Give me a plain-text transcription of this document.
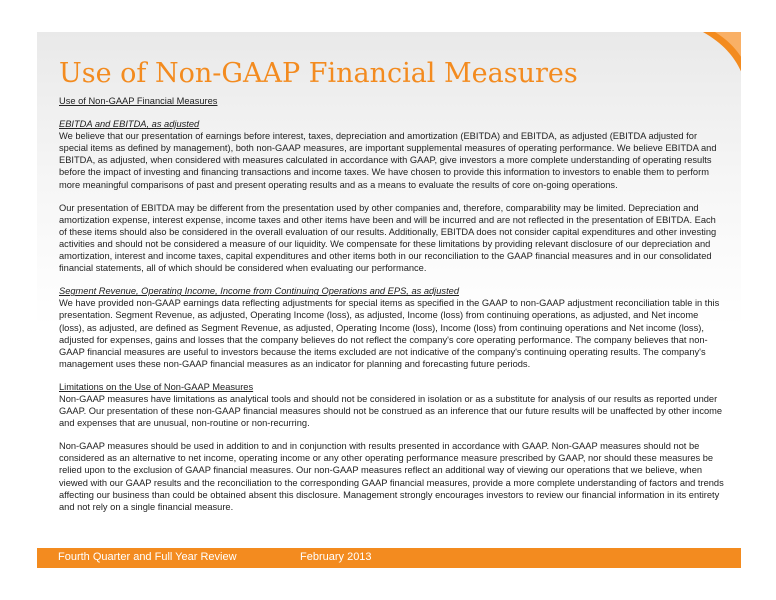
Use of Non-GAAP Financial Measures

Use of Non-GAAP Financial Measures

EBITDA and EBITDA, as adjusted

We believe that our presentation of earnings before interest, taxes, depreciation and amortization (EBITDA) and EBITDA, as adjusted (EBITDA adjusted for special items as defined by management), both non-GAAP measures, are important supplemental measures of operating performance. We believe EBITDA and EBITDA, as adjusted, when considered with measures calculated in accordance with GAAP, give investors a more complete understanding of operating results before the impact of investing and financing transactions and income taxes. We have chosen to provide this information to investors to enable them to perform more meaningful comparisons of past and present operating results and as a means to evaluate the results of core on-going operations.

Our presentation of EBITDA may be different from the presentation used by other companies and, therefore, comparability may be limited. Depreciation and amortization expense, interest expense, income taxes and other items have been and will be incurred and are not reflected in the presentation of EBITDA. Each of these items should also be considered in the overall evaluation of our results. Additionally, EBITDA does not consider capital expenditures and other investing activities and should not be considered a measure of our liquidity. We compensate for these limitations by providing relevant disclosure of our depreciation and amortization, interest and income taxes, capital expenditures and other items both in our reconciliation to the GAAP financial measures and in our consolidated financial statements, all of which should be considered when evaluating our performance.

Segment Revenue, Operating Income, Income from Continuing Operations and EPS, as adjusted

We have provided non-GAAP earnings data reflecting adjustments for special items as specified in the GAAP to non-GAAP adjustment reconciliation table in this presentation. Segment Revenue, as adjusted, Operating Income (loss), as adjusted, Income (loss) from continuing operations, as adjusted, and Net income (loss), as adjusted, are defined as Segment Revenue, as adjusted, Operating Income (loss), Income (loss) from continuing operations and Net income (loss), adjusted for expenses, gains and losses that the company believes do not reflect the company's core operating performance. The company believes that non-GAAP financial measures are useful to investors because the items excluded are not indicative of the company's continuing operating results. The company's management uses these non-GAAP financial measures as an indicator for planning and forecasting future periods.

Limitations on the Use of Non-GAAP Measures

Non-GAAP measures have limitations as analytical tools and should not be considered in isolation or as a substitute for analysis of our results as reported under GAAP. Our presentation of these non-GAAP financial measures should not be construed as an inference that our future results will be unaffected by other income and expenses that are unusual, non-routine or non-recurring.

Non-GAAP measures should be used in addition to and in conjunction with results presented in accordance with GAAP. Non-GAAP measures should not be considered as an alternative to net income, operating income or any other operating performance measure prescribed by GAAP, nor should these measures be relied upon to the exclusion of GAAP financial measures. Our non-GAAP measures reflect an additional way of viewing our operations that we believe, when viewed with our GAAP results and the reconciliation to the corresponding GAAP financial measures, provide a more complete understanding of factors and trends affecting our business than could be obtained absent this disclosure. Management strongly encourages investors to review our financial information in its entirety and not rely on a single financial measure.

39
Fourth Quarter and Full Year Review	February 2013
